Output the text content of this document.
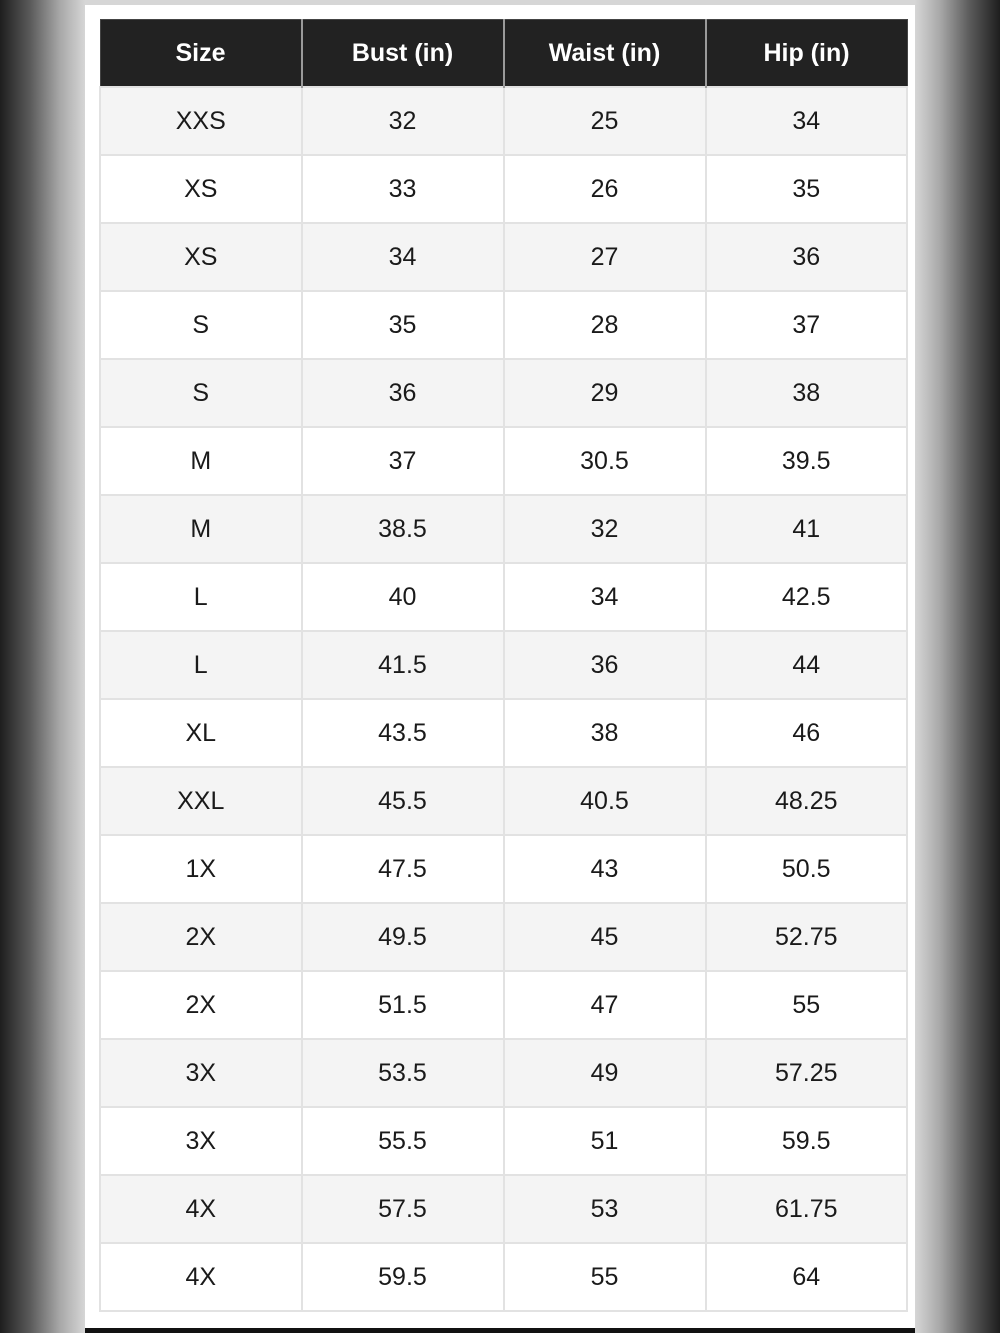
Size	Bust (in)	Waist (in)	Hip (in)
XXS	32	25	34
XS	33	26	35
XS	34	27	36
S	35	28	37
S	36	29	38
M	37	30.5	39.5
M	38.5	32	41
L	40	34	42.5
L	41.5	36	44
XL	43.5	38	46
XXL	45.5	40.5	48.25
1X	47.5	43	50.5
2X	49.5	45	52.75
2X	51.5	47	55
3X	53.5	49	57.25
3X	55.5	51	59.5
4X	57.5	53	61.75
4X	59.5	55	64
